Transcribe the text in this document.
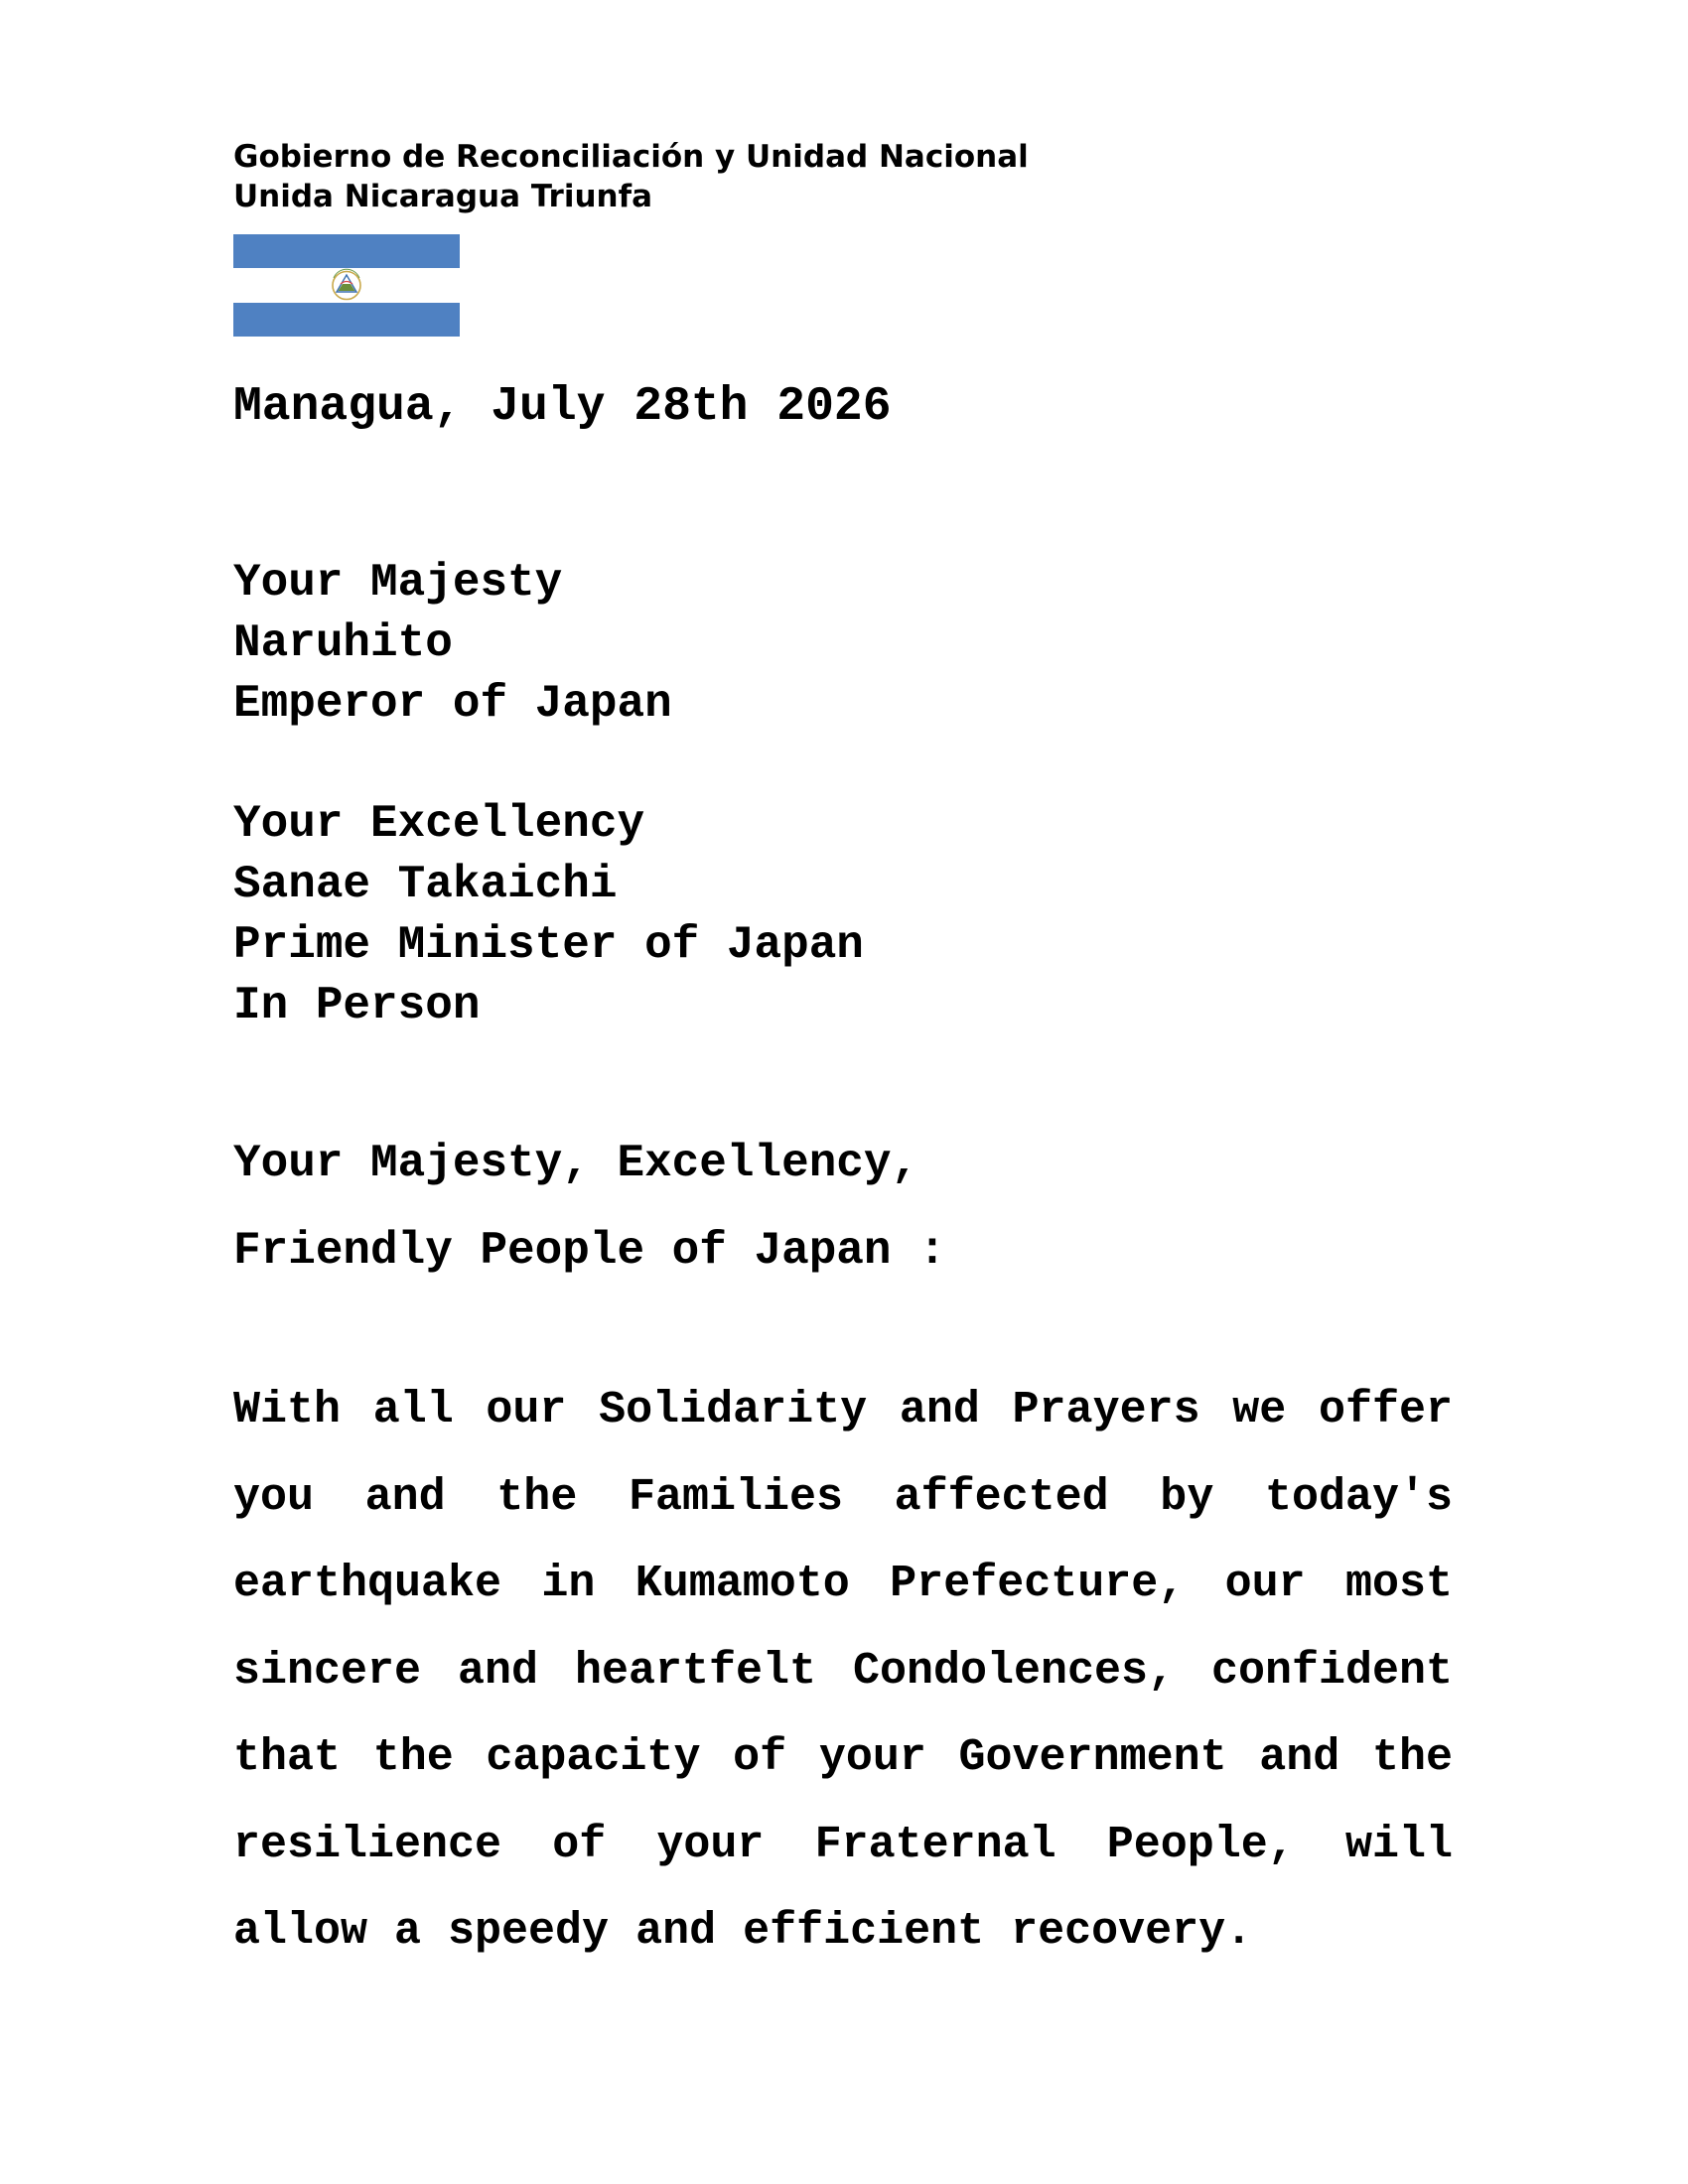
Gobierno de Reconciliación y Unidad Nacional
Unida Nicaragua Triunfa
Managua, July 28th 2026
Your Majesty
Naruhito
Emperor of Japan
Your Excellency
Sanae Takaichi
Prime Minister of Japan
In Person
Your Majesty, Excellency,
Friendly People of Japan :
With all our Solidarity and Prayers we offer you and the Families affected by today's earthquake in Kumamoto Prefecture, our most sincere and heartfelt Condolences, confident that the capacity of your Government and the resilience of your Fraternal People, will allow a speedy and efficient recovery.
